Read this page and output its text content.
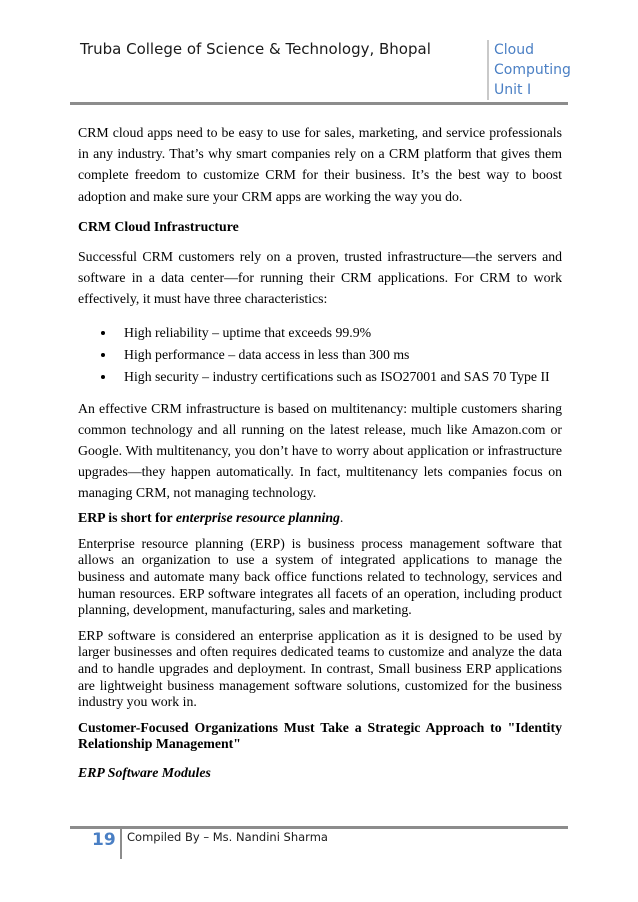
Truba College of Science & Technology, Bhopal	Cloud
Computing
Unit I

CRM cloud apps need to be easy to use for sales, marketing, and service professionals in any industry. That’s why smart companies rely on a CRM platform that gives them complete freedom to customize CRM for their business. It’s the best way to boost adoption and make sure your CRM apps are working the way you do.

CRM Cloud Infrastructure

Successful CRM customers rely on a proven, trusted infrastructure—the servers and software in a data center—for running their CRM applications. For CRM to work effectively, it must have three characteristics:

• High reliability – uptime that exceeds 99.9%
• High performance – data access in less than 300 ms
• High security – industry certifications such as ISO27001 and SAS 70 Type II

An effective CRM infrastructure is based on multitenancy: multiple customers sharing common technology and all running on the latest release, much like Amazon.com or Google. With multitenancy, you don’t have to worry about application or infrastructure upgrades—they happen automatically. In fact, multitenancy lets companies focus on managing CRM, not managing technology.

ERP is short for enterprise resource planning.

Enterprise resource planning (ERP) is business process management software that allows an organization to use a system of integrated applications to manage the business and automate many back office functions related to technology, services and human resources. ERP software integrates all facets of an operation, including product planning, development, manufacturing, sales and marketing.

ERP software is considered an enterprise application as it is designed to be used by larger businesses and often requires dedicated teams to customize and analyze the data and to handle upgrades and deployment. In contrast, Small business ERP applications are lightweight business management software solutions, customized for the business industry you work in.

Customer-Focused Organizations Must Take a Strategic Approach to "Identity Relationship Management"

ERP Software Modules

19 Compiled By – Ms. Nandini Sharma
